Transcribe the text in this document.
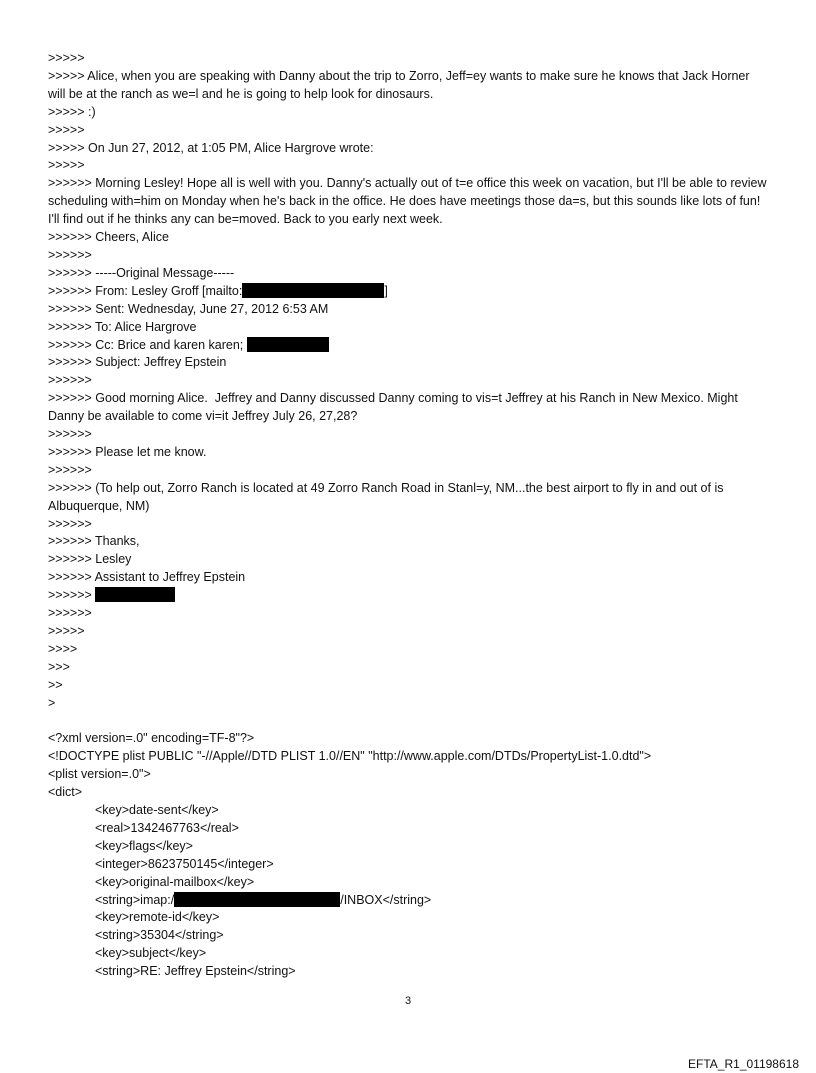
>>>>>

>>>>> Alice, when you are speaking with Danny about the trip to Zorro, Jeff=ey wants to make sure he knows that Jack Horner will be at the ranch as we=l and he is going to help look for dinosaurs.

>>>>> :)

>>>>>

>>>>> On Jun 27, 2012, at 1:05 PM, Alice Hargrove wrote:

>>>>>

>>>>>> Morning Lesley! Hope all is well with you. Danny's actually out of t=e office this week on vacation, but I'll be able to review scheduling with=him on Monday when he's back in the office. He does have meetings those da=s, but this sounds like lots of fun! I'll find out if he thinks any can be=moved. Back to you early next week.

>>>>>> Cheers, Alice

>>>>>>

>>>>>> -----Original Message-----

>>>>>> From: Lesley Groff [mailto:	]

>>>>>> Sent: Wednesday, June 27, 2012 6:53 AM

>>>>>> To: Alice Hargrove

>>>>>> Cc: Brice and karen karen;

>>>>>> Subject: Jeffrey Epstein

>>>>>>

>>>>>> Good morning Alice.  Jeffrey and Danny discussed Danny coming to vis=t Jeffrey at his Ranch in New Mexico. Might Danny be available to come vi=it Jeffrey July 26, 27,28?

>>>>>>

>>>>>> Please let me know.

>>>>>>

>>>>>> (To help out, Zorro Ranch is located at 49 Zorro Ranch Road in Stanl=y, NM...the best airport to fly in and out of is Albuquerque, NM)

>>>>>>

>>>>>> Thanks,

>>>>>> Lesley

>>>>>> Assistant to Jeffrey Epstein

>>>>>>

>>>>>>

>>>>>

>>>>

>>>

>>

>

<?xml version=.0" encoding=TF-8"?>

<!DOCTYPE plist PUBLIC "-//Apple//DTD PLIST 1.0//EN" "http://www.apple.com/DTDs/PropertyList-1.0.dtd">

<plist version=.0">

<dict>

<key>date-sent</key>

<real>1342467763</real>

<key>flags</key>

<integer>8623750145</integer>

<key>original-mailbox</key>

<string>imap:/	/INBOX</string>

<key>remote-id</key>

<string>35304</string>

<key>subject</key>

<string>RE: Jeffrey Epstein</string>

3
EFTA_R1_01198618
